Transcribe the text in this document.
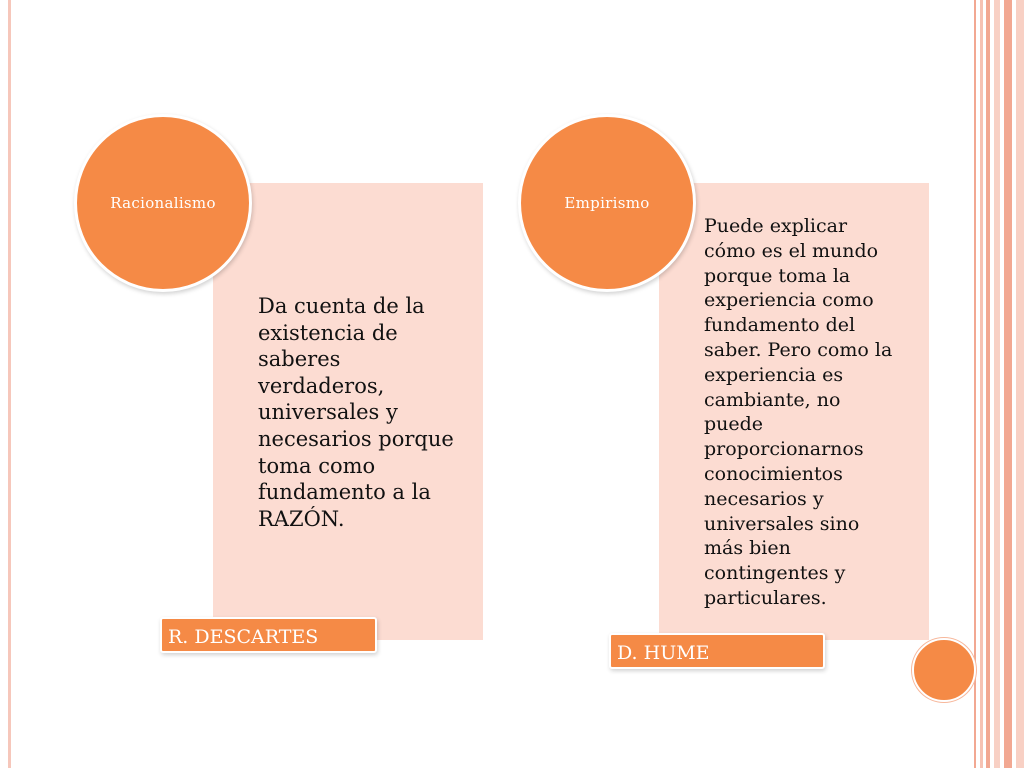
Da cuenta de la
existencia de
saberes
verdaderos,
universales y
necesarios porque
toma como
fundamento a la
RAZÓN.
Racionalismo
R. DESCARTES
Puede explicar
cómo es el mundo
porque toma la
experiencia como
fundamento del
saber. Pero como la
experiencia es
cambiante, no
puede
proporcionarnos
conocimientos
necesarios y
universales sino
más bien
contingentes y
particulares.
Empirismo
D. HUME
